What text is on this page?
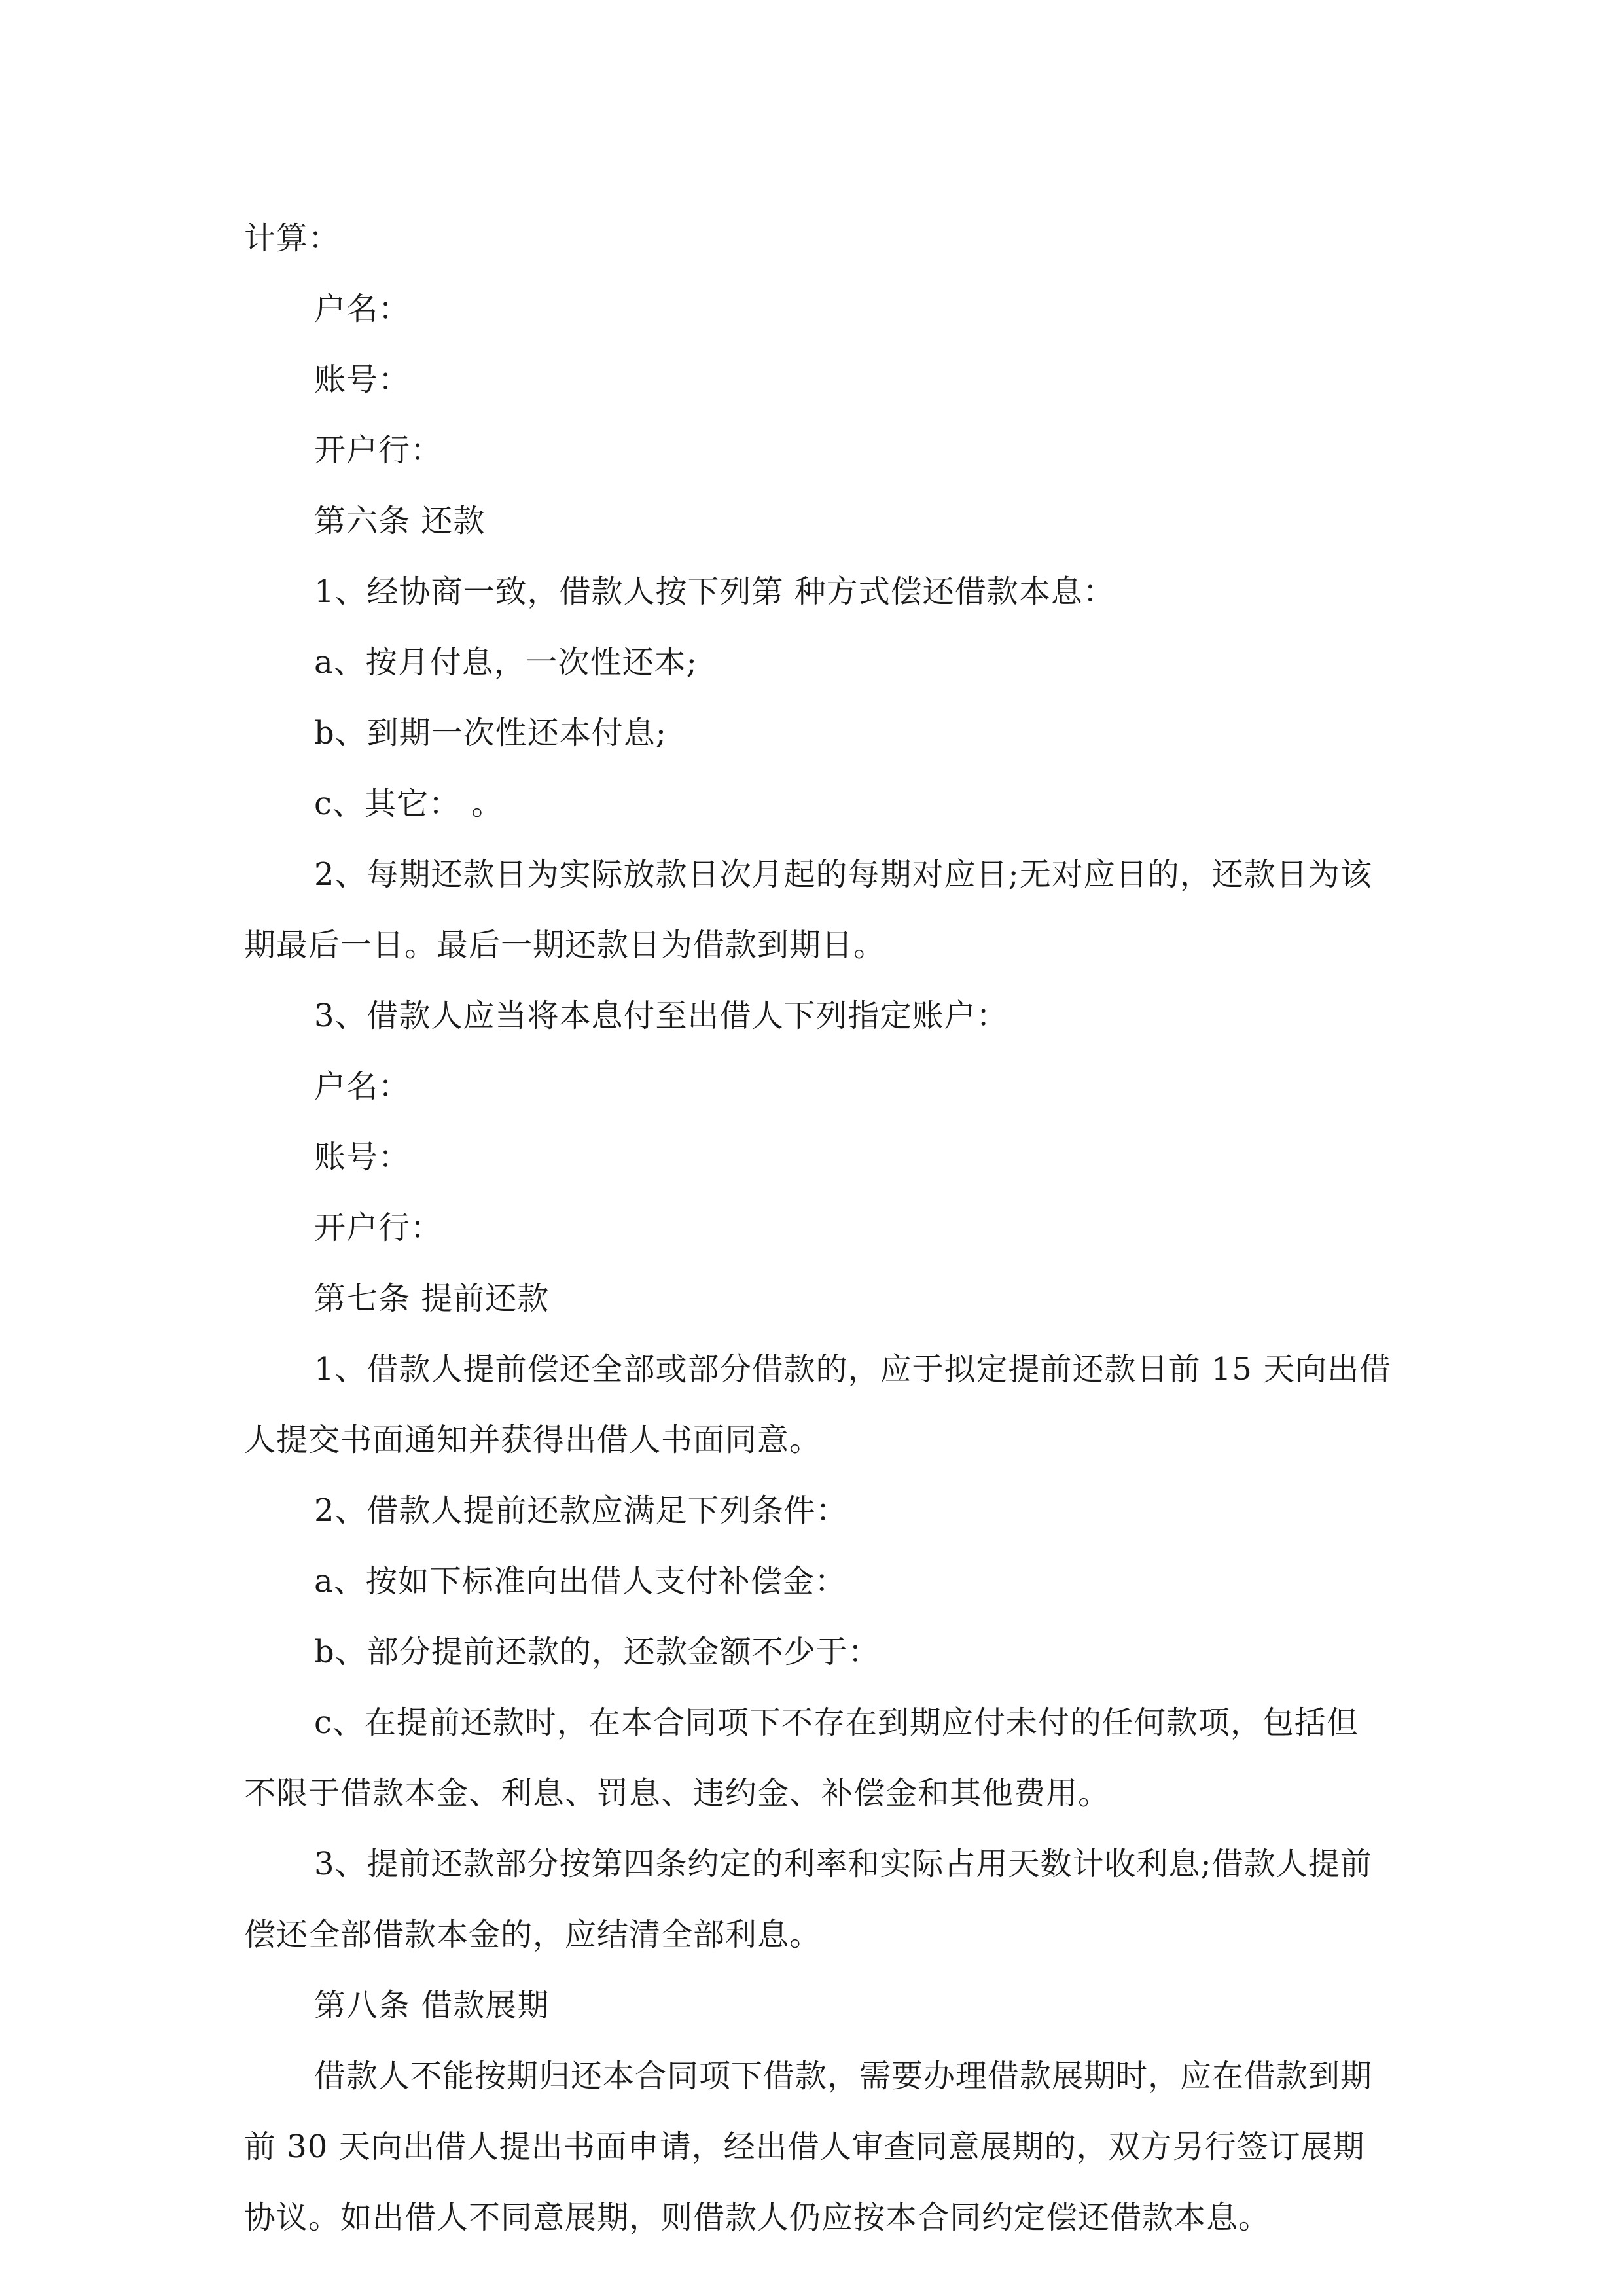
计算：
户名：
账号：
开户行：
第六条 还款
1、经协商一致，借款人按下列第 种方式偿还借款本息：
a、按月付息，一次性还本;
b、到期一次性还本付息;
c、其它： 。
2、每期还款日为实际放款日次月起的每期对应日;无对应日的，还款日为该
期最后一日。最后一期还款日为借款到期日。
3、借款人应当将本息付至出借人下列指定账户：
户名：
账号：
开户行：
第七条 提前还款
1、借款人提前偿还全部或部分借款的，应于拟定提前还款日前 15 天向出借
人提交书面通知并获得出借人书面同意。
2、借款人提前还款应满足下列条件：
a、按如下标准向出借人支付补偿金：
b、部分提前还款的，还款金额不少于：
c、在提前还款时，在本合同项下不存在到期应付未付的任何款项，包括但
不限于借款本金、利息、罚息、违约金、补偿金和其他费用。
3、提前还款部分按第四条约定的利率和实际占用天数计收利息;借款人提前
偿还全部借款本金的，应结清全部利息。
第八条 借款展期
借款人不能按期归还本合同项下借款，需要办理借款展期时，应在借款到期
前 30 天向出借人提出书面申请，经出借人审查同意展期的，双方另行签订展期
协议。如出借人不同意展期，则借款人仍应按本合同约定偿还借款本息。
